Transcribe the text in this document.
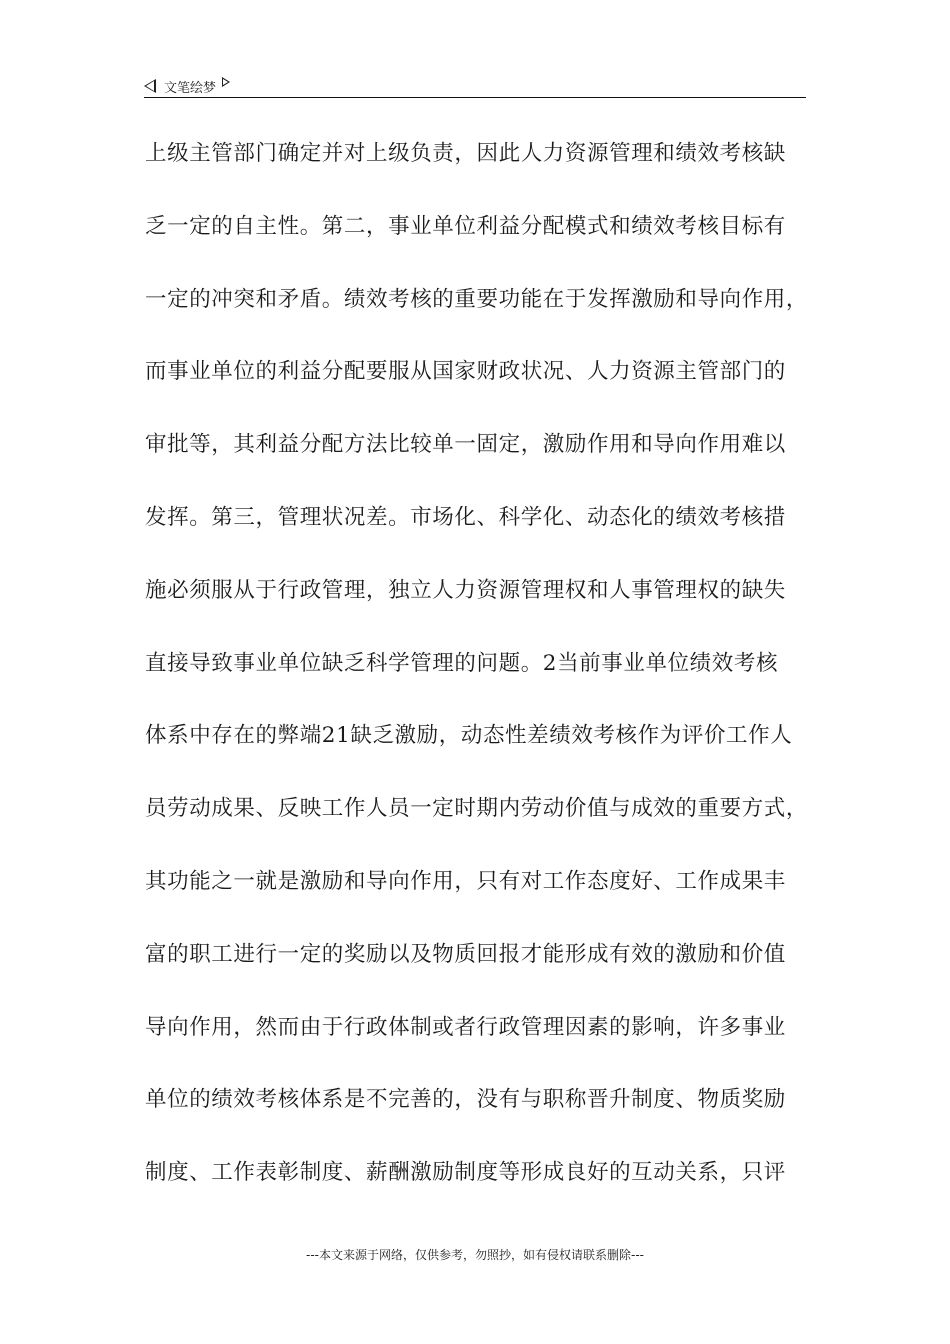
文笔绘梦
上级主管部门确定并对上级负责，因此人力资源管理和绩效考核缺
乏一定的自主性。第二，事业单位利益分配模式和绩效考核目标有
一定的冲突和矛盾。绩效考核的重要功能在于发挥激励和导向作用，
而事业单位的利益分配要服从国家财政状况、人力资源主管部门的
审批等，其利益分配方法比较单一固定，激励作用和导向作用难以
发挥。第三，管理状况差。市场化、科学化、动态化的绩效考核措
施必须服从于行政管理，独立人力资源管理权和人事管理权的缺失
直接导致事业单位缺乏科学管理的问题。2当前事业单位绩效考核
体系中存在的弊端21缺乏激励，动态性差绩效考核作为评价工作人
员劳动成果、反映工作人员一定时期内劳动价值与成效的重要方式，
其功能之一就是激励和导向作用，只有对工作态度好、工作成果丰
富的职工进行一定的奖励以及物质回报才能形成有效的激励和价值
导向作用，然而由于行政体制或者行政管理因素的影响，许多事业
单位的绩效考核体系是不完善的，没有与职称晋升制度、物质奖励
制度、工作表彰制度、薪酬激励制度等形成良好的互动关系，只评
---本文来源于网络，仅供参考，勿照抄，如有侵权请联系删除---
